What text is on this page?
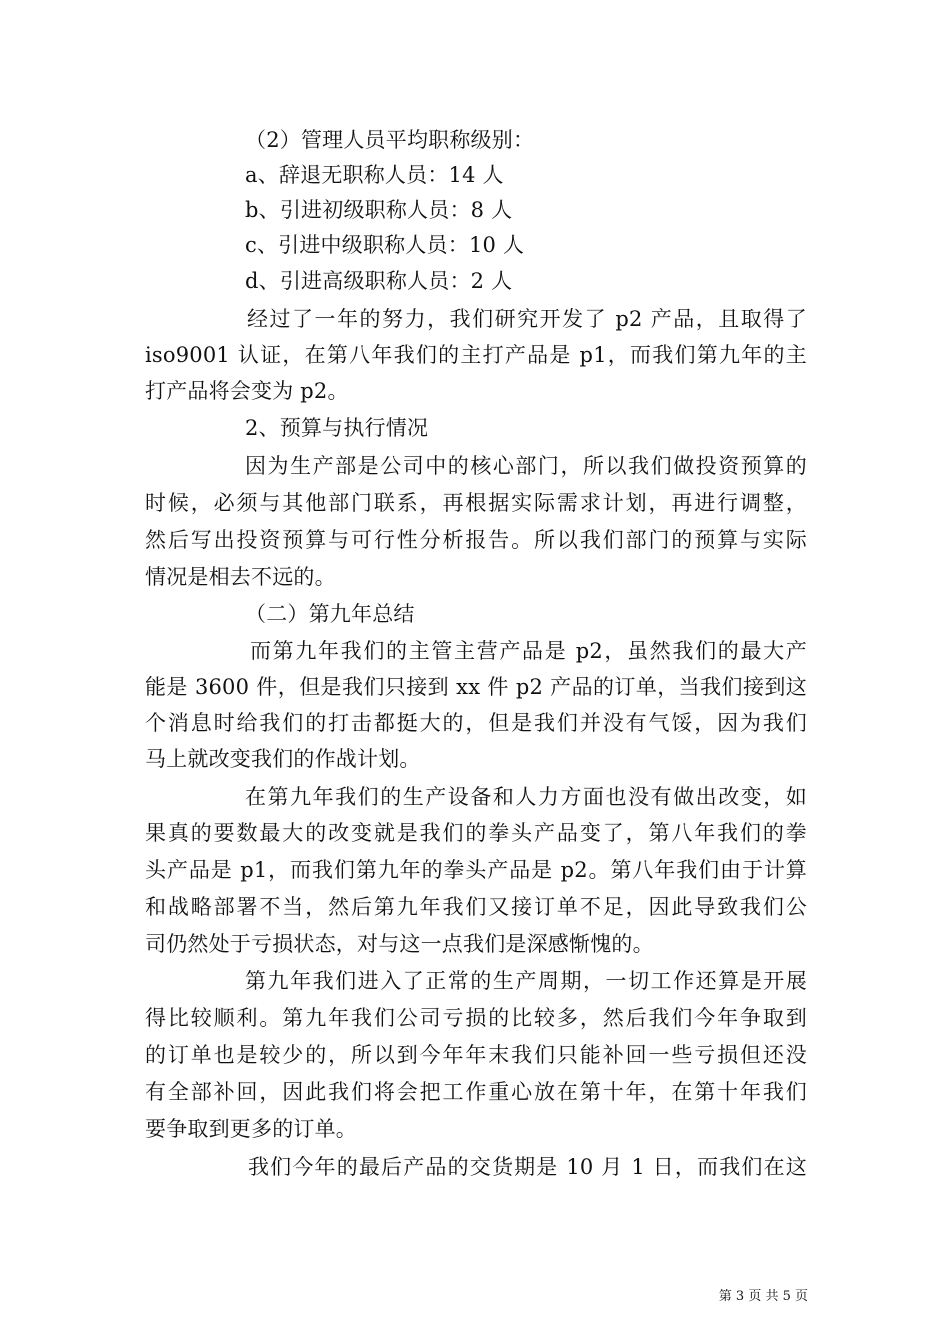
（2）管理人员平均职称级别：
a、辞退无职称人员：14 人
b、引进初级职称人员：8 人
c、引进中级职称人员：10 人
d、引进高级职称人员：2 人
经过了一年的努力，我们研究开发了 p2 产品，且取得了
iso9001 认证，在第八年我们的主打产品是 p1，而我们第九年的主
打产品将会变为 p2。
2、预算与执行情况
因为生产部是公司中的核心部门，所以我们做投资预算的
时候，必须与其他部门联系，再根据实际需求计划，再进行调整，
然后写出投资预算与可行性分析报告。所以我们部门的预算与实际
情况是相去不远的。
（二）第九年总结
而第九年我们的主管主营产品是 p2，虽然我们的最大产
能是 3600 件，但是我们只接到 xx 件 p2 产品的订单，当我们接到这
个消息时给我们的打击都挺大的，但是我们并没有气馁，因为我们
马上就改变我们的作战计划。
在第九年我们的生产设备和人力方面也没有做出改变，如
果真的要数最大的改变就是我们的拳头产品变了，第八年我们的拳
头产品是 p1，而我们第九年的拳头产品是 p2。第八年我们由于计算
和战略部署不当，然后第九年我们又接订单不足，因此导致我们公
司仍然处于亏损状态，对与这一点我们是深感惭愧的。
第九年我们进入了正常的生产周期，一切工作还算是开展
得比较顺利。第九年我们公司亏损的比较多，然后我们今年争取到
的订单也是较少的，所以到今年年末我们只能补回一些亏损但还没
有全部补回，因此我们将会把工作重心放在第十年，在第十年我们
要争取到更多的订单。
我们今年的最后产品的交货期是 10 月 1 日，而我们在这
第 3 页 共 5 页
